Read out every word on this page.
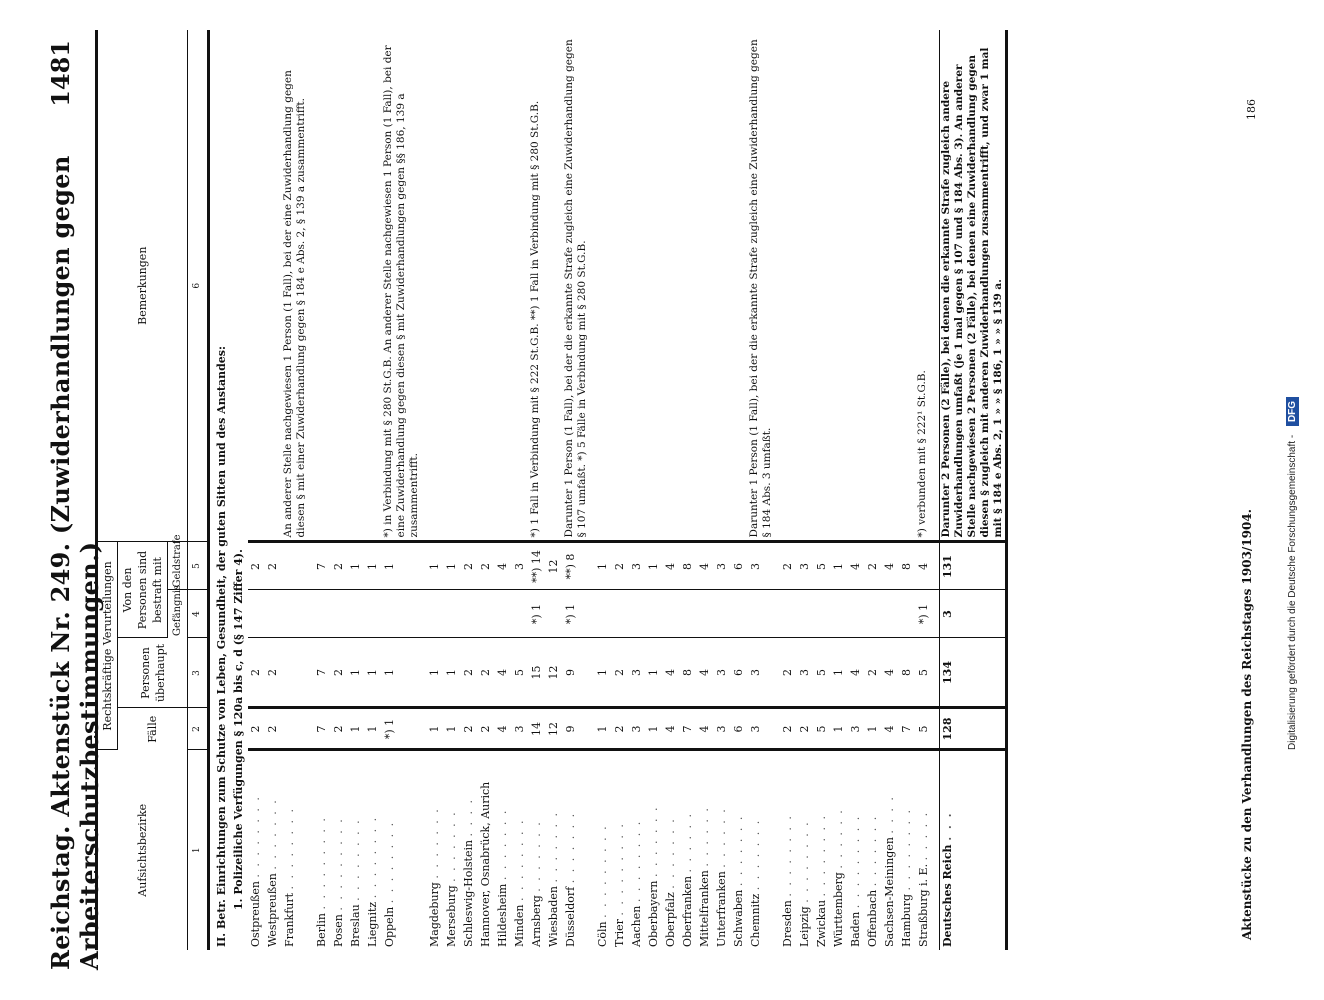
Reichstag. Aktenstück Nr. 249. (Zuwiderhandlungen gegen Arbeiterschutzbestimmungen.)
1481
Aufsichtsbezirke	Rechtskräftige Verurteilungen				Bemerkungen
	Fälle	Personen überhaupt	Von den Personen sind bestraft mit		
			Gefängnis	Geldstrafe	
1	2	3	4	5	6
II. Betr. Einrichtungen zum Schutze von Leben, Gesundheit, der guten Sitten und des Anstandes:					
1. Polizeiliche Verfügungen § 120a bis c, d (§ 147 Ziffer 4).					
Ostpreußen . . . . . . . .	2	2		2	
Westpreußen . . . . . . .	2	2		2	
Frankfurt . . . . . . . .					An anderer Stelle nachgewiesen 1 Person (1 Fall), bei der eine Zuwiderhandlung gegen diesen § mit einer Zuwiderhandlung gegen § 184 e Abs. 2, § 139 a zusammentrifft.

Berlin . . . . . . . . .	7	7		7	
Posen . . . . . . . . .	2	2		2	
Breslau . . . . . . . .	1	1		1	
Liegnitz . . . . . . . .	1	1		1	
Oppeln . . . . . . . .	*) 1	1		1	*) in Verbindung mit § 280 St.G.B. An anderer Stelle nachgewiesen 1 Person (1 Fall), bei der eine Zuwiderhandlung gegen diesen § mit Zuwiderhandlungen gegen §§ 186, 139 a zusammentrifft.

Magdeburg . . . . . . .	1	1		1	
Merseburg . . . . . . .	1	1		1	
Schleswig-Holstein . . . .	2	2		2	
Hannover, Osnabrück, Aurich	2	2		2	
Hildesheim . . . . . . .	4	4		4	
Minden . . . . . . . .	3	5		3	
Arnsberg . . . . . . .	14	15	*) 1	**) 14	*) 1 Fall in Verbindung mit § 222 St.G.B. **) 1 Fall in Verbindung mit § 280 St.G.B.
Wiesbaden . . . . . . .	12	12		12	
Düsseldorf . . . . . . .	9	9	*) 1	**) 8	Darunter 1 Person (1 Fall), bei der die erkannte Strafe zugleich eine Zuwiderhandlung gegen § 107 umfaßt. *) 5 Fälle in Verbindung mit § 280 St.G.B.

Cöln . . . . . . . . .	1	1		1	
Trier . . . . . . . . .	2	2		2	
Aachen . . . . . . . .	3	3		3	
Oberbayern . . . . . . .	1	1		1	
Oberpfalz . . . . . . .	4	4		4	
Oberfranken . . . . . .	7	8		8	
Mittelfranken . . . . . .	4	4		4	
Unterfranken . . . . . .	3	3		3	
Schwaben . . . . . . .	6	6		6	
Chemnitz . . . . . . .	3	3		3	Darunter 1 Person (1 Fall), bei der die erkannte Strafe zugleich eine Zuwiderhandlung gegen § 184 Abs. 3 umfaßt.

Dresden . . . . . . . .	2	2		2	
Leipzig . . . . . . . .	2	3		3	
Zwickau . . . . . . . .	5	5		5	
Württemberg . . . . . .	1	1		1	
Baden . . . . . . . . .	3	4		4	
Offenbach . . . . . . .	1	2		2	
Sachsen-Meiningen . . . .	4	4		4	
Hamburg . . . . . . . .	7	8		8	
Straßburg i. E. . . . . .	5	5	*) 1	4	*) verbunden mit § 222¹ St.G.B.

Deutsches Reich . . .	128	134	3	131	Darunter 2 Personen (2 Fälle), bei denen die erkannte Strafe zugleich andere Zuwiderhandlungen umfaßt (je 1 mal gegen § 107 und § 184 Abs. 3). An anderer Stelle nachgewiesen 2 Personen (2 Fälle), bei denen eine Zuwiderhandlung gegen diesen § zugleich mit anderen Zuwiderhandlungen zusammentrifft, und zwar 1 mal mit § 184 e Abs. 2, 1 » » § 186, 1 » » § 139 a.
Aktenstücke zu den Verhandlungen des Reichstages 1903/1904.
186
Digitalisierung gefördert durch die Deutsche Forschungsgemeinschaft - DFG
